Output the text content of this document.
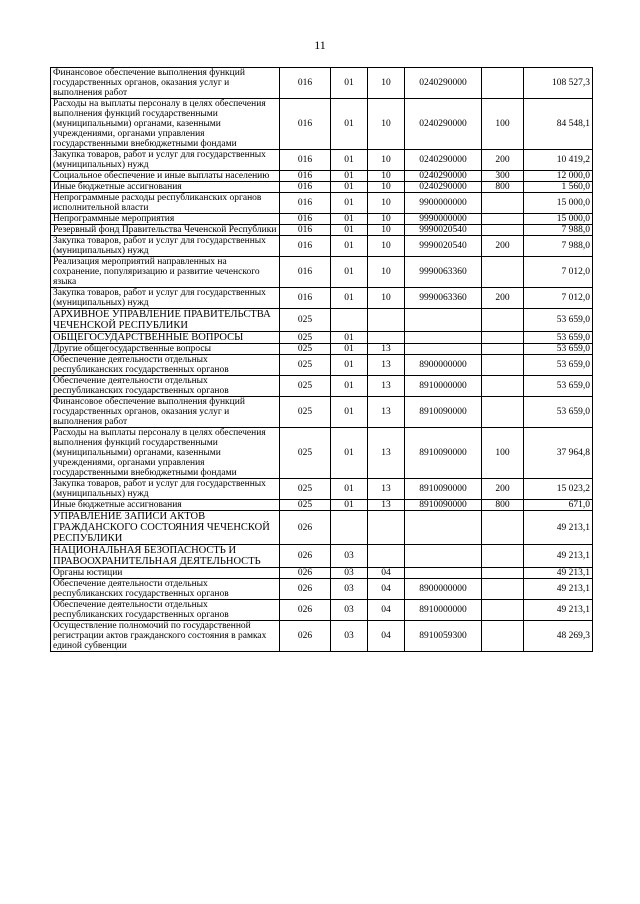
11
Финансовое обеспечение выполнения функций государственных органов, оказания услуг и выполнения работ	016	01	10	0240290000		108 527,3
Расходы на выплаты персоналу в целях обеспечения выполнения функций государственными (муниципальными) органами, казенными учреждениями, органами управления государственными внебюджетными фондами	016	01	10	0240290000	100	84 548,1
Закупка товаров, работ и услуг для государственных (муниципальных) нужд	016	01	10	0240290000	200	10 419,2
Социальное обеспечение и иные выплаты населению	016	01	10	0240290000	300	12 000,0
Иные бюджетные ассигнования	016	01	10	0240290000	800	1 560,0
Непрограммные расходы республиканских органов исполнительной власти	016	01	10	9900000000		15 000,0
Непрограммные мероприятия	016	01	10	9990000000		15 000,0
Резервный фонд Правительства Чеченской Республики	016	01	10	9990020540		7 988,0
Закупка товаров, работ и услуг для государственных (муниципальных) нужд	016	01	10	9990020540	200	7 988,0
Реализация мероприятий направленных на сохранение, популяризацию и развитие чеченского языка	016	01	10	9990063360		7 012,0
Закупка товаров, работ и услуг для государственных (муниципальных) нужд	016	01	10	9990063360	200	7 012,0
АРХИВНОЕ УПРАВЛЕНИЕ ПРАВИТЕЛЬСТВА ЧЕЧЕНСКОЙ РЕСПУБЛИКИ	025					53 659,0
ОБЩЕГОСУДАРСТВЕННЫЕ ВОПРОСЫ	025	01				53 659,0
Другие общегосударственные вопросы	025	01	13			53 659,0
Обеспечение деятельности отдельных республиканских государственных органов	025	01	13	8900000000		53 659,0
Обеспечение деятельности отдельных республиканских государственных органов	025	01	13	8910000000		53 659,0
Финансовое обеспечение выполнения функций государственных органов, оказания услуг и выполнения работ	025	01	13	8910090000		53 659,0
Расходы на выплаты персоналу в целях обеспечения выполнения функций государственными (муниципальными) органами, казенными учреждениями, органами управления государственными внебюджетными фондами	025	01	13	8910090000	100	37 964,8
Закупка товаров, работ и услуг для государственных (муниципальных) нужд	025	01	13	8910090000	200	15 023,2
Иные бюджетные ассигнования	025	01	13	8910090000	800	671,0
УПРАВЛЕНИЕ ЗАПИСИ АКТОВ ГРАЖДАНСКОГО СОСТОЯНИЯ ЧЕЧЕНСКОЙ РЕСПУБЛИКИ	026					49 213,1
НАЦИОНАЛЬНАЯ БЕЗОПАСНОСТЬ И ПРАВООХРАНИТЕЛЬНАЯ ДЕЯТЕЛЬНОСТЬ	026	03				49 213,1
Органы юстиции	026	03	04			49 213,1
Обеспечение деятельности отдельных республиканских государственных органов	026	03	04	8900000000		49 213,1
Обеспечение деятельности отдельных республиканских государственных органов	026	03	04	8910000000		49 213,1
Осуществление полномочий по государственной регистрации актов гражданского состояния в рамках единой субвенции	026	03	04	8910059300		48 269,3
